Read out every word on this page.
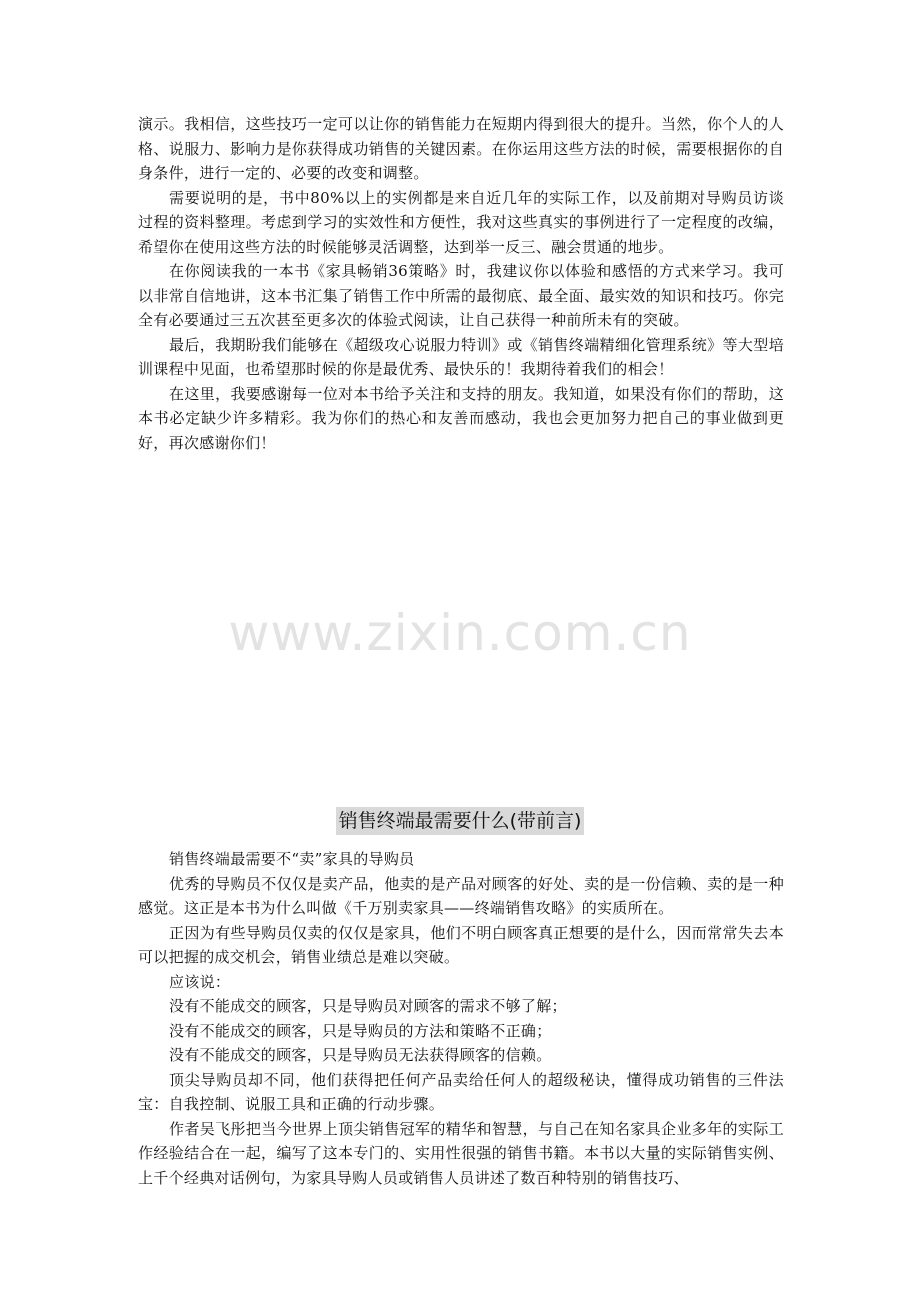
演示。我相信，这些技巧一定可以让你的销售能力在短期内得到很大的提升。当然，你个人的人格、说服力、影响力是你获得成功销售的关键因素。在你运用这些方法的时候，需要根据你的自身条件，进行一定的、必要的改变和调整。

需要说明的是，书中80%以上的实例都是来自近几年的实际工作，以及前期对导购员访谈过程的资料整理。考虑到学习的实效性和方便性，我对这些真实的事例进行了一定程度的改编，希望你在使用这些方法的时候能够灵活调整，达到举一反三、融会贯通的地步。

在你阅读我的一本书《家具畅销36策略》时，我建议你以体验和感悟的方式来学习。我可以非常自信地讲，这本书汇集了销售工作中所需的最彻底、最全面、最实效的知识和技巧。你完全有必要通过三五次甚至更多次的体验式阅读，让自己获得一种前所未有的突破。

最后，我期盼我们能够在《超级攻心说服力特训》或《销售终端精细化管理系统》等大型培训课程中见面，也希望那时候的你是最优秀、最快乐的！我期待着我们的相会！

在这里，我要感谢每一位对本书给予关注和支持的朋友。我知道，如果没有你们的帮助，这本书必定缺少许多精彩。我为你们的热心和友善而感动，我也会更加努力把自己的事业做到更好，再次感谢你们！

www.zixin.com.cn
销售终端最需要什么(带前言)

销售终端最需要不“卖”家具的导购员

优秀的导购员不仅仅是卖产品，他卖的是产品对顾客的好处、卖的是一份信赖、卖的是一种感觉。这正是本书为什么叫做《千万别卖家具——终端销售攻略》的实质所在。

正因为有些导购员仅卖的仅仅是家具，他们不明白顾客真正想要的是什么，因而常常失去本可以把握的成交机会，销售业绩总是难以突破。

应该说：

没有不能成交的顾客，只是导购员对顾客的需求不够了解；

没有不能成交的顾客，只是导购员的方法和策略不正确；

没有不能成交的顾客，只是导购员无法获得顾客的信赖。

顶尖导购员却不同，他们获得把任何产品卖给任何人的超级秘诀，懂得成功销售的三件法宝：自我控制、说服工具和正确的行动步骤。

作者吴飞彤把当今世界上顶尖销售冠军的精华和智慧，与自己在知名家具企业多年的实际工作经验结合在一起，编写了这本专门的、实用性很强的销售书籍。本书以大量的实际销售实例、上千个经典对话例句，为家具导购人员或销售人员讲述了数百种特别的销售技巧、
